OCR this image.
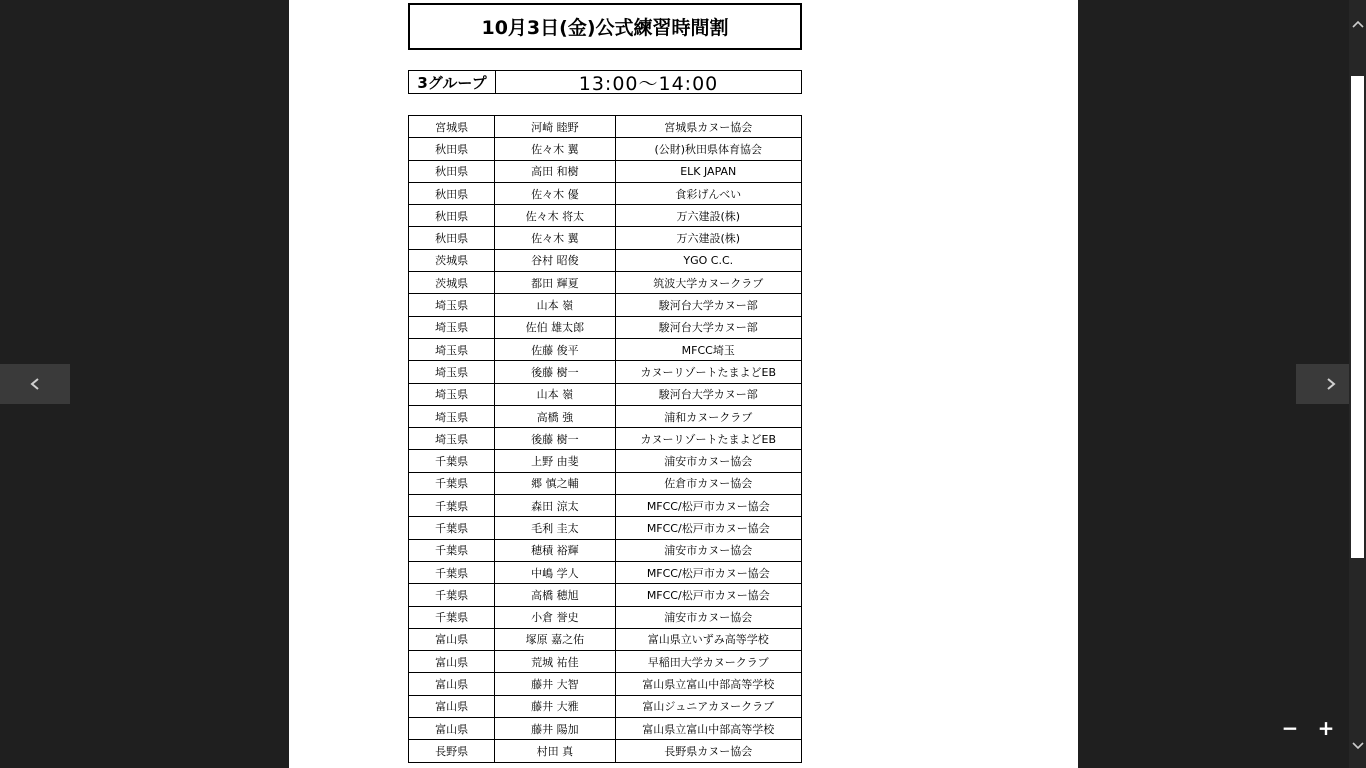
10月3日(金)公式練習時間割
3グループ	13:00～14:00
宮城県	河崎 睦野	宮城県カヌー協会
秋田県	佐々木 翼	(公財)秋田県体育協会
秋田県	高田 和樹	ELK JAPAN
秋田県	佐々木 優	食彩げんべい
秋田県	佐々木 将太	万六建設(株)
秋田県	佐々木 翼	万六建設(株)
茨城県	谷村 昭俊	YGO C.C.
茨城県	都田 輝夏	筑波大学カヌークラブ
埼玉県	山本 嶺	駿河台大学カヌー部
埼玉県	佐伯 雄太郎	駿河台大学カヌー部
埼玉県	佐藤 俊平	MFCC埼玉
埼玉県	後藤 樹一	カヌーリゾートたまよどEB
埼玉県	山本 嶺	駿河台大学カヌー部
埼玉県	高橋 強	浦和カヌークラブ
埼玉県	後藤 樹一	カヌーリゾートたまよどEB
千葉県	上野 由斐	浦安市カヌー協会
千葉県	郷 慎之輔	佐倉市カヌー協会
千葉県	森田 涼太	MFCC/松戸市カヌー協会
千葉県	毛利 圭太	MFCC/松戸市カヌー協会
千葉県	穂積 裕輝	浦安市カヌー協会
千葉県	中嶋 学人	MFCC/松戸市カヌー協会
千葉県	高橋 穂旭	MFCC/松戸市カヌー協会
千葉県	小倉 誉史	浦安市カヌー協会
富山県	塚原 嘉之佑	富山県立いずみ高等学校
富山県	荒城 祐佳	早稲田大学カヌークラブ
富山県	藤井 大智	富山県立富山中部高等学校
富山県	藤井 大雅	富山ジュニアカヌークラブ
富山県	藤井 陽加	富山県立富山中部高等学校
長野県	村田 真	長野県カヌー協会
− +
